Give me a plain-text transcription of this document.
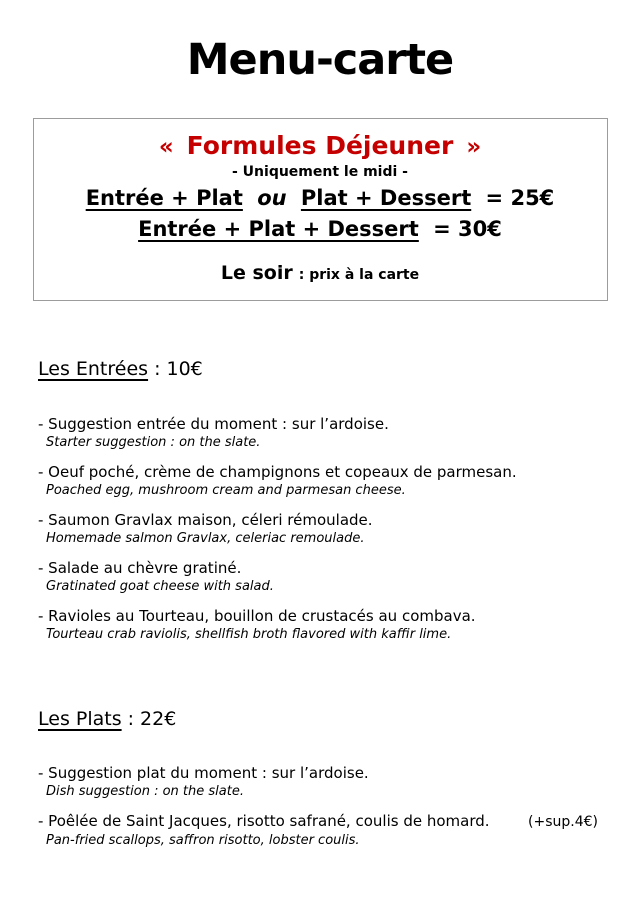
Menu-carte
« Formules Déjeuner »
- Uniquement le midi -
Entrée + Plat ou Plat + Dessert = 25€
Entrée + Plat + Dessert = 30€
Le soir : prix à la carte
Les Entrées : 10€
- Suggestion entrée du moment : sur l’ardoise.
Starter suggestion : on the slate.
- Oeuf poché, crème de champignons et copeaux de parmesan.
Poached egg, mushroom cream and parmesan cheese.
- Saumon Gravlax maison, céleri rémoulade.
Homemade salmon Gravlax, celeriac remoulade.
- Salade au chèvre gratiné.
Gratinated goat cheese with salad.
- Ravioles au Tourteau, bouillon de crustacés au combava.
Tourteau crab raviolis, shellfish broth flavored with kaffir lime.
Les Plats : 22€
- Suggestion plat du moment : sur l’ardoise.
Dish suggestion : on the slate.
- Poêlée de Saint Jacques, risotto safrané, coulis de homard.	(+sup.4€)
Pan-fried scallops, saffron risotto, lobster coulis.
